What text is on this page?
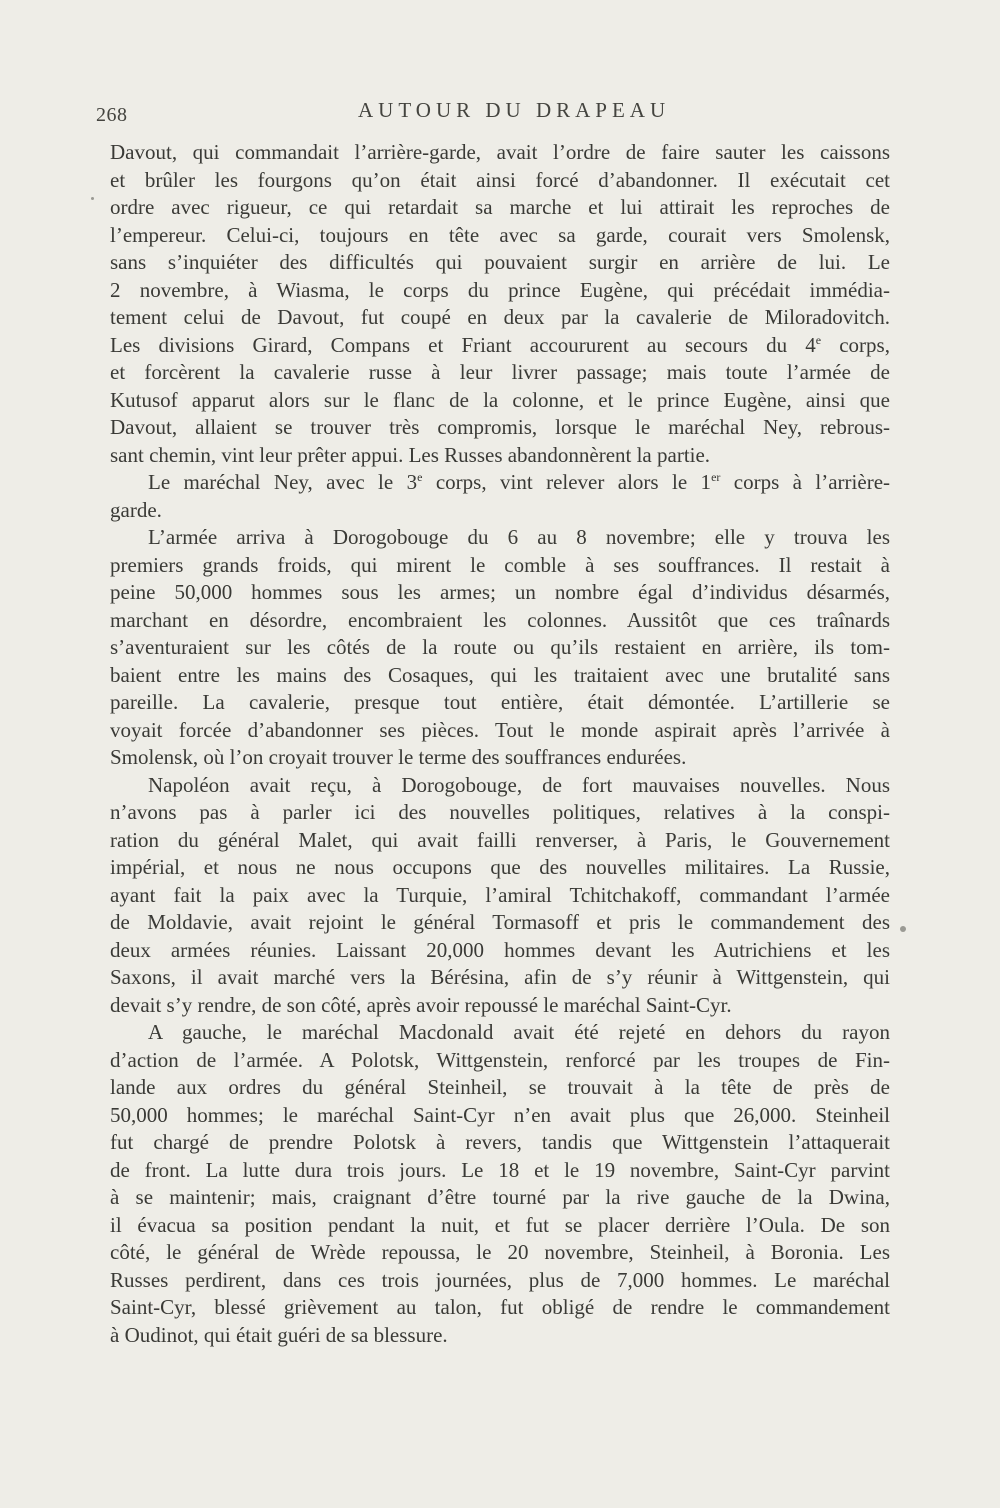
268	AUTOUR DU DRAPEAU
Davout, qui commandait l’arrière-garde, avait l’ordre de faire sauter les caissons
et brûler les fourgons qu’on était ainsi forcé d’abandonner. Il exécutait cet
ordre avec rigueur, ce qui retardait sa marche et lui attirait les reproches de
l’empereur. Celui-ci, toujours en tête avec sa garde, courait vers Smolensk,
sans s’inquiéter des difficultés qui pouvaient surgir en arrière de lui. Le
2 novembre, à Wiasma, le corps du prince Eugène, qui précédait immédia-
tement celui de Davout, fut coupé en deux par la cavalerie de Miloradovitch.
Les divisions Girard, Compans et Friant accoururent au secours du 4e corps,
et forcèrent la cavalerie russe à leur livrer passage; mais toute l’armée de
Kutusof apparut alors sur le flanc de la colonne, et le prince Eugène, ainsi que
Davout, allaient se trouver très compromis, lorsque le maréchal Ney, rebrous-
sant chemin, vint leur prêter appui. Les Russes abandonnèrent la partie.
Le maréchal Ney, avec le 3e corps, vint relever alors le 1er corps à l’arrière-
garde.
L’armée arriva à Dorogobouge du 6 au 8 novembre; elle y trouva les
premiers grands froids, qui mirent le comble à ses souffrances. Il restait à
peine 50,000 hommes sous les armes; un nombre égal d’individus désarmés,
marchant en désordre, encombraient les colonnes. Aussitôt que ces traînards
s’aventuraient sur les côtés de la route ou qu’ils restaient en arrière, ils tom-
baient entre les mains des Cosaques, qui les traitaient avec une brutalité sans
pareille. La cavalerie, presque tout entière, était démontée. L’artillerie se
voyait forcée d’abandonner ses pièces. Tout le monde aspirait après l’arrivée à
Smolensk, où l’on croyait trouver le terme des souffrances endurées.
Napoléon avait reçu, à Dorogobouge, de fort mauvaises nouvelles. Nous
n’avons pas à parler ici des nouvelles politiques, relatives à la conspi-
ration du général Malet, qui avait failli renverser, à Paris, le Gouvernement
impérial, et nous ne nous occupons que des nouvelles militaires. La Russie,
ayant fait la paix avec la Turquie, l’amiral Tchitchakoff, commandant l’armée
de Moldavie, avait rejoint le général Tormasoff et pris le commandement des
deux armées réunies. Laissant 20,000 hommes devant les Autrichiens et les
Saxons, il avait marché vers la Bérésina, afin de s’y réunir à Wittgenstein, qui
devait s’y rendre, de son côté, après avoir repoussé le maréchal Saint-Cyr.
A gauche, le maréchal Macdonald avait été rejeté en dehors du rayon
d’action de l’armée. A Polotsk, Wittgenstein, renforcé par les troupes de Fin-
lande aux ordres du général Steinheil, se trouvait à la tête de près de
50,000 hommes; le maréchal Saint-Cyr n’en avait plus que 26,000. Steinheil
fut chargé de prendre Polotsk à revers, tandis que Wittgenstein l’attaquerait
de front. La lutte dura trois jours. Le 18 et le 19 novembre, Saint-Cyr parvint
à se maintenir; mais, craignant d’être tourné par la rive gauche de la Dwina,
il évacua sa position pendant la nuit, et fut se placer derrière l’Oula. De son
côté, le général de Wrède repoussa, le 20 novembre, Steinheil, à Boronia. Les
Russes perdirent, dans ces trois journées, plus de 7,000 hommes. Le maréchal
Saint-Cyr, blessé grièvement au talon, fut obligé de rendre le commandement
à Oudinot, qui était guéri de sa blessure.
